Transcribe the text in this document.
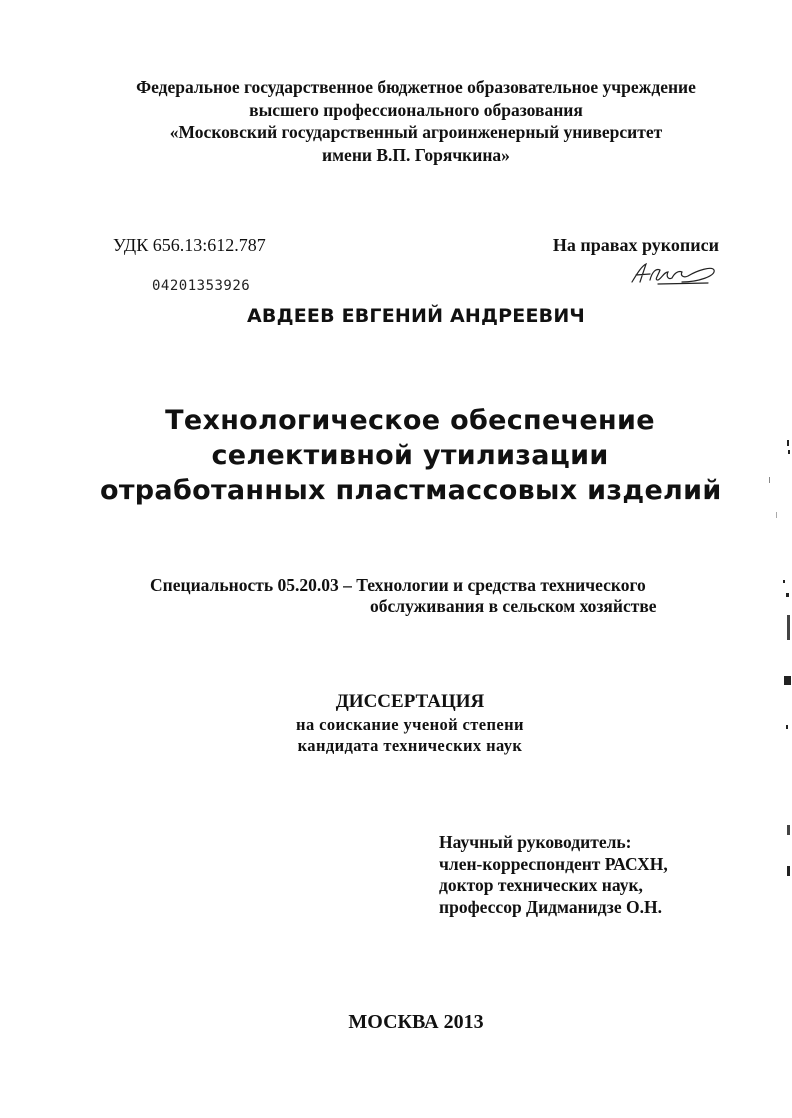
Федеральное государственное бюджетное образовательное учреждение
высшего профессионального образования
«Московский государственный агроинженерный университет
имени В.П. Горячкина»
УДК 656.13:612.787	На правах рукописи
04201353926
АВДЕЕВ ЕВГЕНИЙ АНДРЕЕВИЧ
Технологическое обеспечение
селективной утилизации
отработанных пластмассовых изделий
Специальность 05.20.03 – Технологии и средства технического
обслуживания в сельском хозяйстве
ДИССЕРТАЦИЯ
на соискание ученой степени
кандидата технических наук
Научный руководитель:
член-корреспондент РАСХН,
доктор технических наук,
профессор Дидманидзе О.Н.
МОСКВА 2013
